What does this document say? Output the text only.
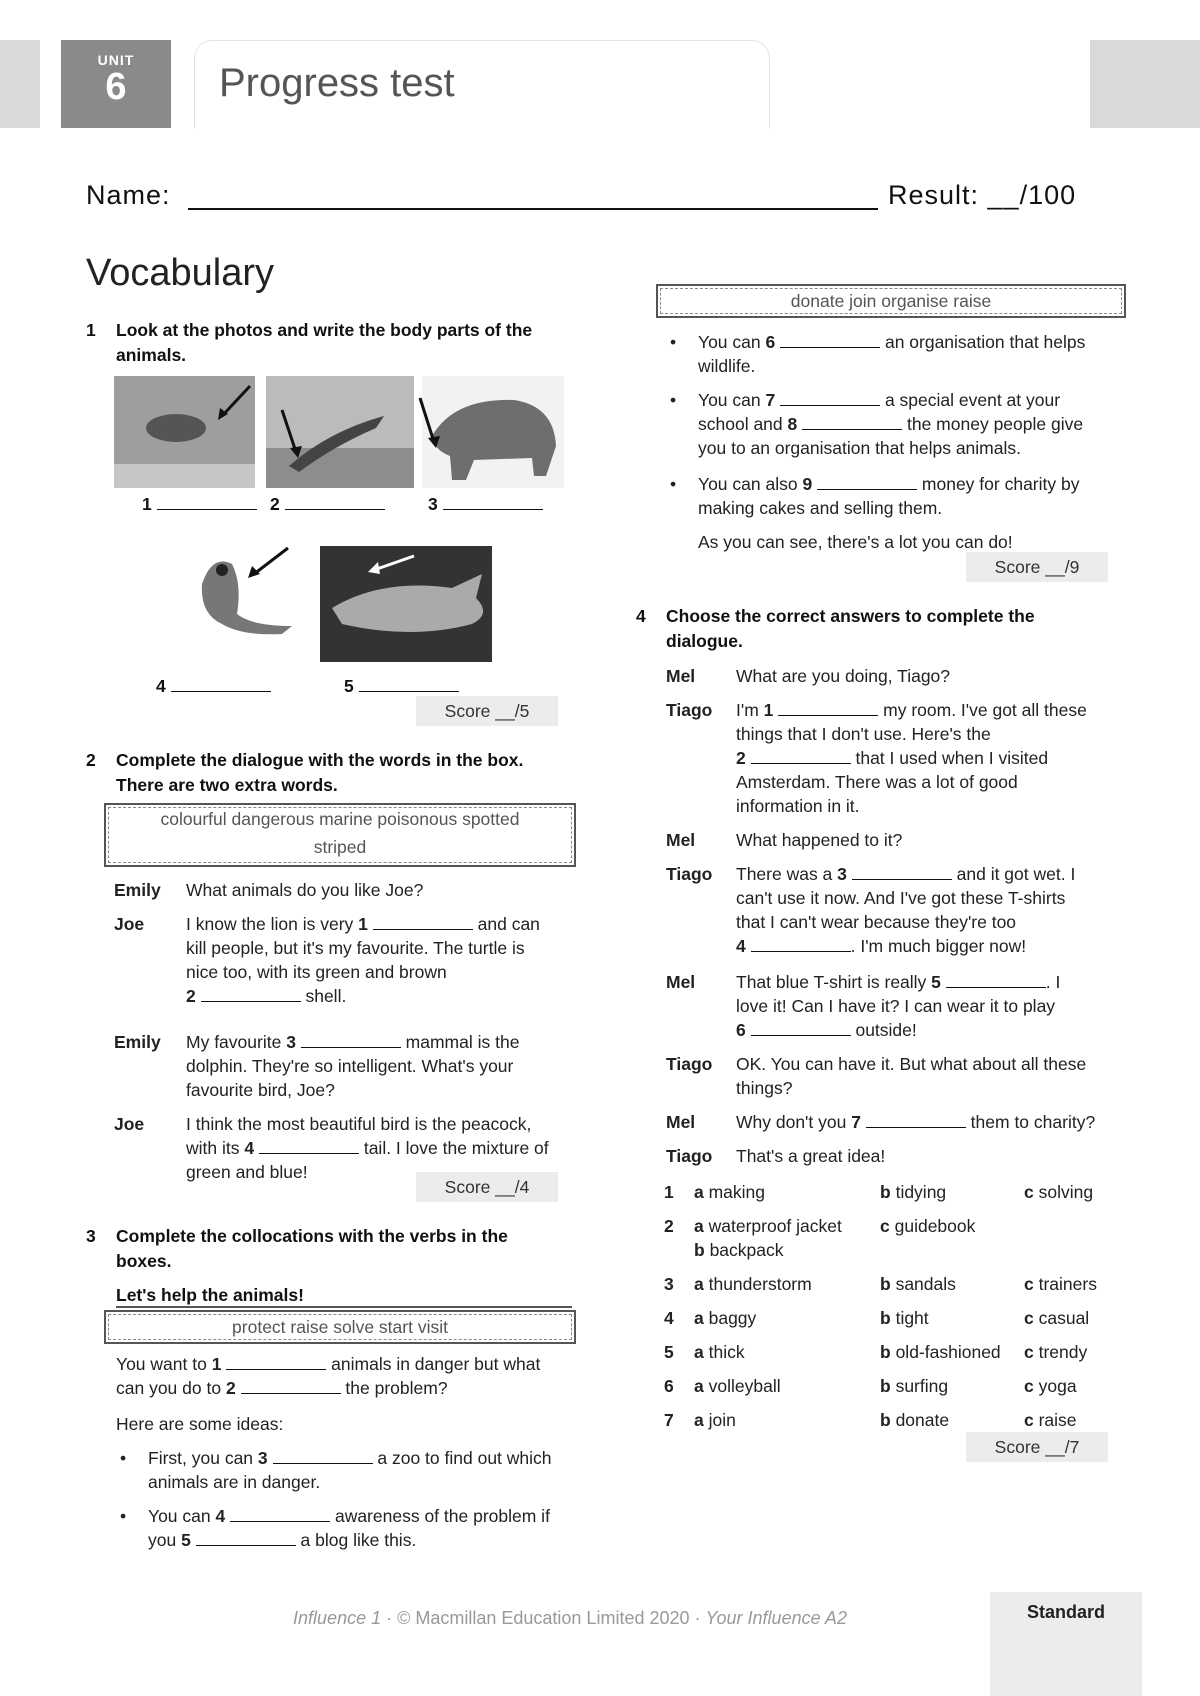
UNIT
6	Progress test
Name:	Result: __/100
Vocabulary
1 Look at the photos and write the body parts of the animals.
1	2	3
4	5
Score __/5
2 Complete the dialogue with the words in the box. There are two extra words.
colourful dangerous marine poisonous spotted
striped
Emily What animals do you like Joe?
Joe I know the lion is very 1	and can
kill people, but it's my favourite. The turtle is
nice too, with its green and brown
2	shell.
Emily My favourite 3	mammal is the
dolphin. They're so intelligent. What's your
favourite bird, Joe?
Joe I think the most beautiful bird is the peacock,
with its 4	tail. I love the mixture of
green and blue!
Score __/4
3 Complete the collocations with the verbs in the boxes.
Let's help the animals!
protect raise solve start visit
You want to 1	animals in danger but what
can you do to 2	the problem?
Here are some ideas:
• First, you can 3	a zoo to find out which
animals are in danger.
• You can 4	awareness of the problem if
you 5	a blog like this.
donate join organise raise
• You can 6	an organisation that helps
wildlife.
• You can 7	a special event at your
school and 8	the money people give
you to an organisation that helps animals.
• You can also 9	money for charity by
making cakes and selling them.
As you can see, there's a lot you can do!
Score __/9
4 Choose the correct answers to complete the dialogue.
Mel What are you doing, Tiago?
Tiago I'm 1	my room. I've got all these
things that I don't use. Here's the
2	that I used when I visited
Amsterdam. There was a lot of good
information in it.
Mel What happened to it?
Tiago There was a 3	and it got wet. I
can't use it now. And I've got these T-shirts
that I can't wear because they're too
4	. I'm much bigger now!
Mel That blue T-shirt is really 5	. I
love it! Can I have it? I can wear it to play
6	outside!
Tiago OK. You can have it. But what about all these
things?
Mel Why don't you 7	them to charity?
Tiago That's a great idea!
1 a making	b tidying	c solving
2 a waterproof jacket
b backpack
c guidebook
3 a thunderstorm	b sandals	c trainers
4 a baggy	b tight	c casual
5 a thick	b old-fashioned c trendy
6 a volleyball	b surfing	c yoga
7 a join	b donate	c raise
Score __/7
Influence 1 · © Macmillan Education Limited 2020 · Your Influence A2	Standard
